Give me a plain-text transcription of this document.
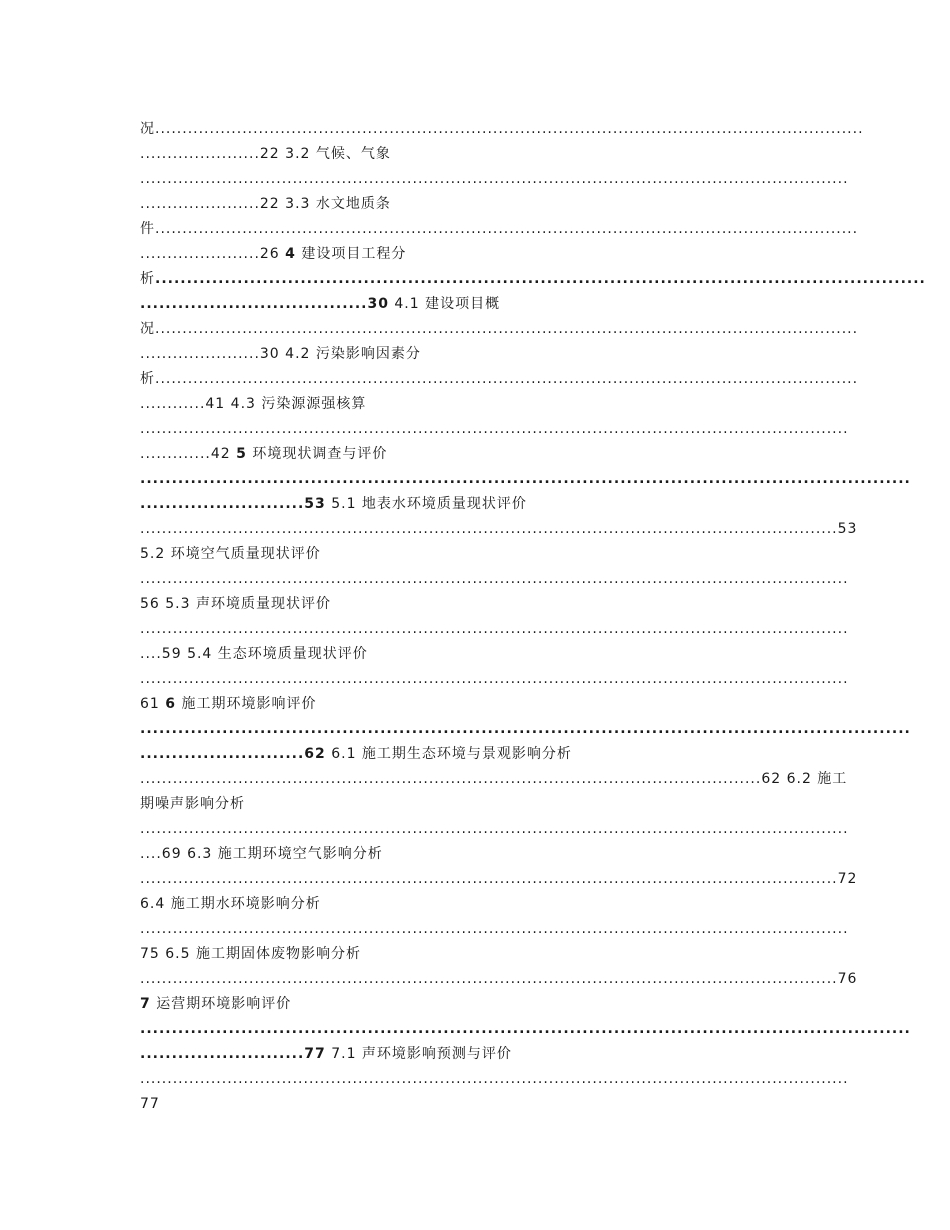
况..................................................................................................................................
......................22 3.2 气候、气象
..................................................................................................................................
......................22 3.3 水文地质条
件.................................................................................................................................
......................26 4 建设项目工程分
析..........................................................................................................................
....................................30 4.1 建设项目概
况.................................................................................................................................
......................30 4.2 污染影响因素分
析.................................................................................................................................
............41 4.3 污染源源强核算
..................................................................................................................................
.............42 5 环境现状调查与评价
..........................................................................................................................
..........................53 5.1 地表水环境质量现状评价
................................................................................................................................53
5.2 环境空气质量现状评价
..................................................................................................................................
56 5.3 声环境质量现状评价
..................................................................................................................................
....59 5.4 生态环境质量现状评价
..................................................................................................................................
61 6 施工期环境影响评价
..........................................................................................................................
..........................62 6.1 施工期生态环境与景观影响分析
..................................................................................................................62 6.2 施工
期噪声影响分析
..................................................................................................................................
....69 6.3 施工期环境空气影响分析
................................................................................................................................72
6.4 施工期水环境影响分析
..................................................................................................................................
75 6.5 施工期固体废物影响分析
................................................................................................................................76
7 运营期环境影响评价
..........................................................................................................................
..........................77 7.1 声环境影响预测与评价
..................................................................................................................................
77
